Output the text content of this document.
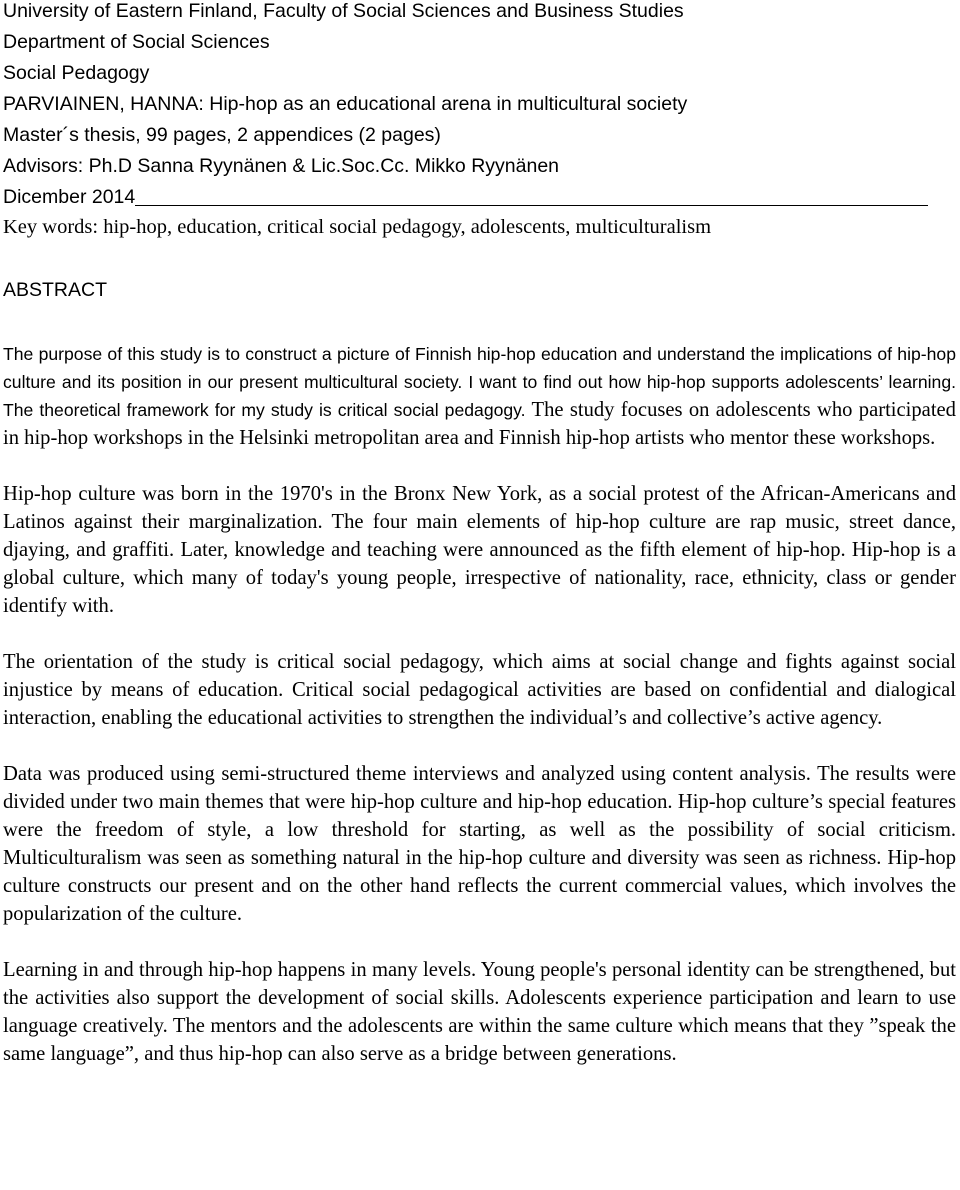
University of Eastern Finland, Faculty of Social Sciences and Business Studies
Department of Social Sciences
Social Pedagogy
PARVIAINEN, HANNA: Hip-hop as an educational arena in multicultural society
Master´s thesis, 99 pages, 2 appendices (2 pages)
Advisors: Ph.D Sanna Ryynänen & Lic.Soc.Cc. Mikko Ryynänen
Dicember 2014
Key words: hip-hop, education, critical social pedagogy, adolescents, multiculturalism
ABSTRACT
The purpose of this study is to construct a picture of Finnish hip-hop education and understand the implications of hip-hop culture and its position in our present multicultural society. I want to find out how hip-hop supports adolescents’ learning. The theoretical framework for my study is critical social pedagogy. The study focuses on adolescents who participated in hip-hop workshops in the Helsinki metropolitan area and Finnish hip-hop artists who mentor these workshops.
Hip-hop culture was born in the 1970's in the Bronx New York, as a social protest of the African-Americans and Latinos against their marginalization. The four main elements of hip-hop culture are rap music, street dance, djaying, and graffiti. Later, knowledge and teaching were announced as the fifth element of hip-hop. Hip-hop is a global culture, which many of today's young people, irrespective of nationality, race, ethnicity, class or gender identify with.
The orientation of the study is critical social pedagogy, which aims at social change and fights against social injustice by means of education. Critical social pedagogical activities are based on confidential and dialogical interaction, enabling the educational activities to strengthen the individual’s and collective’s active agency.
Data was produced using semi-structured theme interviews and analyzed using content analysis. The results were divided under two main themes that were hip-hop culture and hip-hop education. Hip-hop culture’s special features were the freedom of style, a low threshold for starting, as well as the possibility of social criticism. Multiculturalism was seen as something natural in the hip-hop culture and diversity was seen as richness. Hip-hop culture constructs our present and on the other hand reflects the current commercial values, which involves the popularization of the culture.
Learning in and through hip-hop happens in many levels. Young people's personal identity can be strengthened, but the activities also support the development of social skills. Adolescents experience participation and learn to use language creatively. The mentors and the adolescents are within the same culture which means that they ”speak the same language”, and thus hip-hop can also serve as a bridge between generations.
